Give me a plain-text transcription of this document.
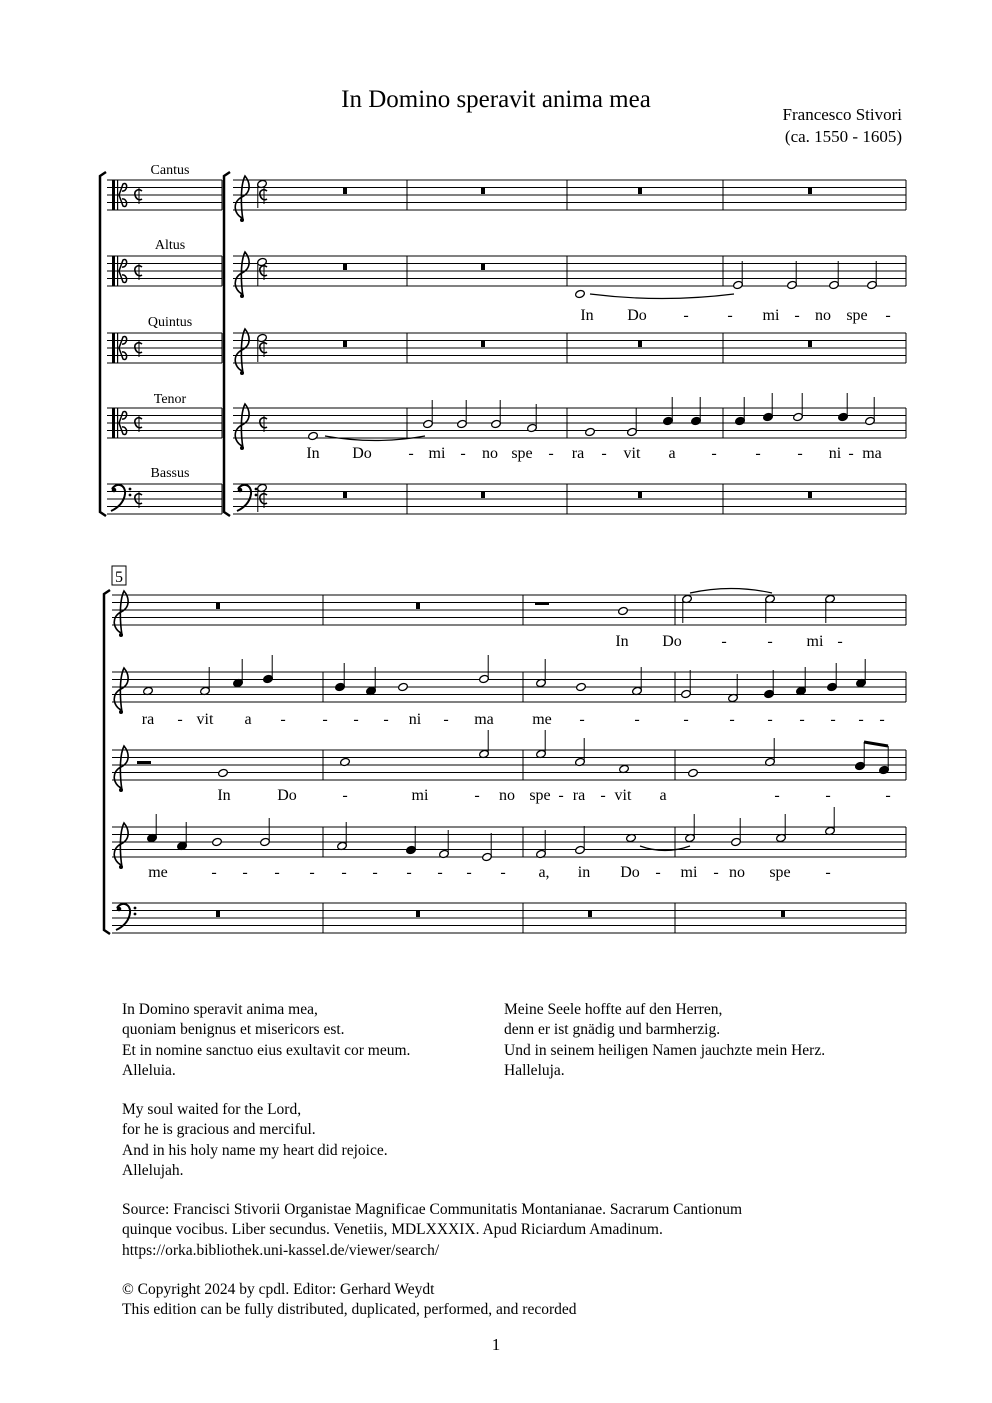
In Domino speravit anima mea
Francesco Stivori
(ca. 1550 - 1605)
Cantus
Altus
Quintus
Tenor
Bassus
In Do - - mi - no spe -
In Do - mi - no spe - ra - vit a - - - ni - ma
5
In Do -	- mi -
ra - vit a - - - - ni - ma me -	-	-	- - - - - -
In	Do	-	mi	- no spe - ra - vit a	-	-	-
me	- - - - - - - - - - a, in Do - mi - no spe -
In Domino speravit anima mea,
quoniam benignus et misericors est.
Et in nomine sanctuo eius exultavit cor meum.
Alleluia.
Meine Seele hoffte auf den Herren,
denn er ist gnädig und barmherzig.
Und in seinem heiligen Namen jauchzte mein Herz.
Halleluja.
My soul waited for the Lord,
for he is gracious and merciful.
And in his holy name my heart did rejoice.
Allelujah.
Source: Francisci Stivorii Organistae Magnificae Communitatis Montanianae. Sacrarum Cantionum
quinque vocibus. Liber secundus. Venetiis, MDLXXXIX. Apud Riciardum Amadinum.
https://orka.bibliothek.uni-kassel.de/viewer/search/
© Copyright 2024 by cpdl. Editor: Gerhard Weydt
This edition can be fully distributed, duplicated, performed, and recorded
1
